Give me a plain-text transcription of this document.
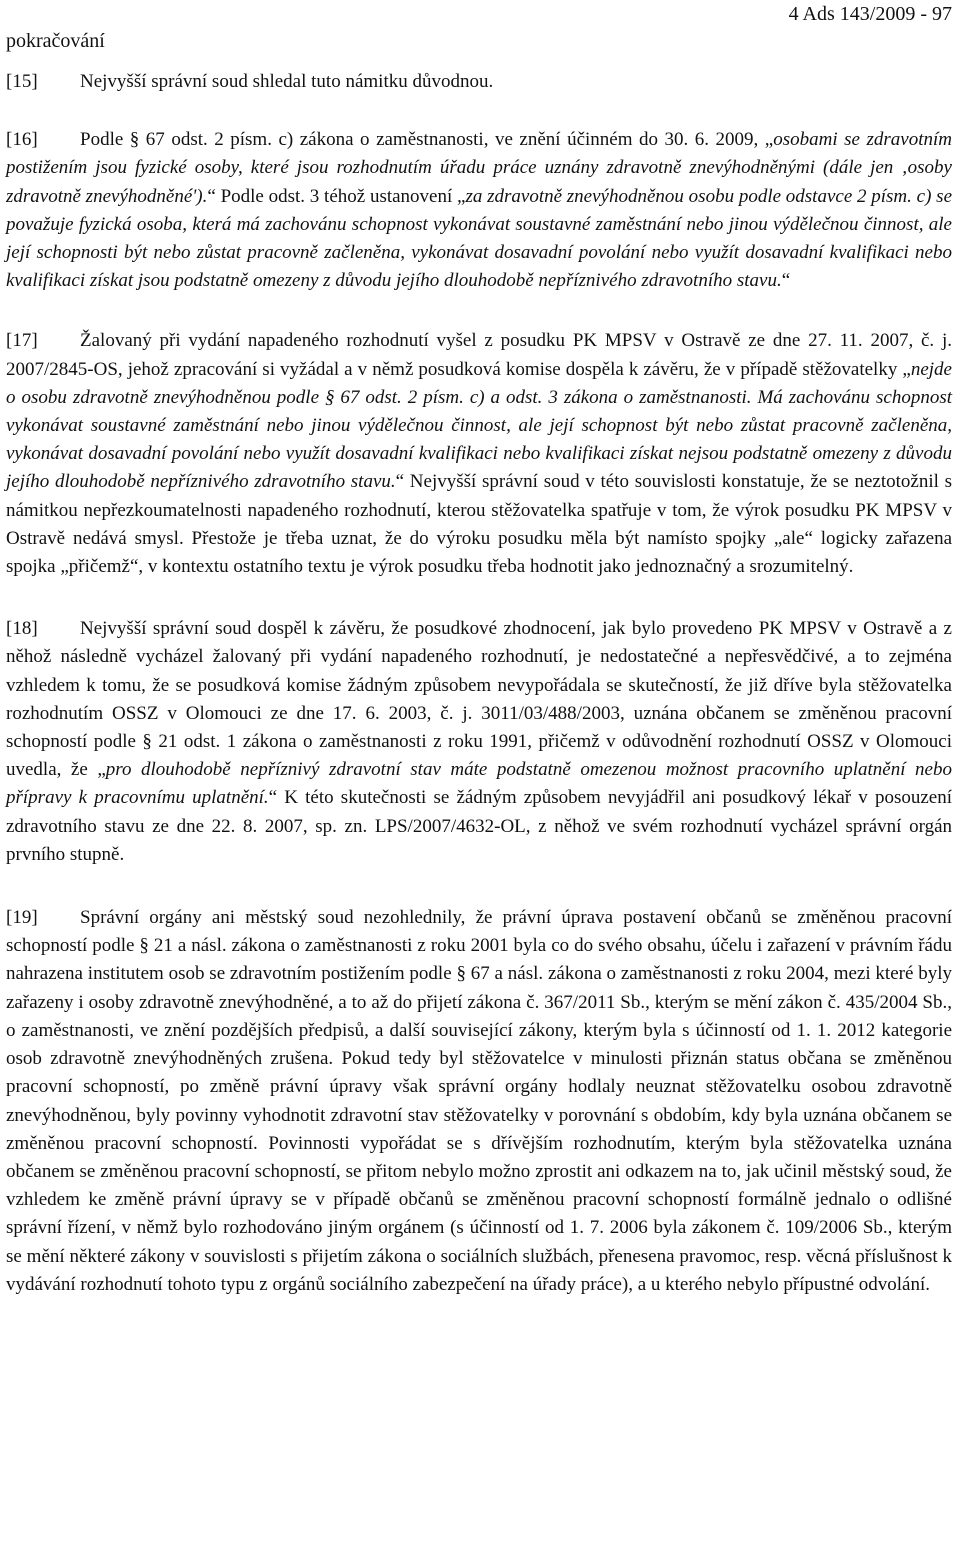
pokračování
4 Ads 143/2009 - 97

[15] Nejvyšší správní soud shledal tuto námitku důvodnou.

[16] Podle § 67 odst. 2 písm. c) zákona o zaměstnanosti, ve znění účinném do 30. 6. 2009, „osobami se zdravotním postižením jsou fyzické osoby, které jsou rozhodnutím úřadu práce uznány zdravotně znevýhodněnými (dále jen ‚osoby zdravotně znevýhodněné').“ Podle odst. 3 téhož ustanovení „za zdravotně znevýhodněnou osobu podle odstavce 2 písm. c) se považuje fyzická osoba, která má zachovánu schopnost vykonávat soustavné zaměstnání nebo jinou výdělečnou činnost, ale její schopnosti být nebo zůstat pracovně začleněna, vykonávat dosavadní povolání nebo využít dosavadní kvalifikaci nebo kvalifikaci získat jsou podstatně omezeny z důvodu jejího dlouhodobě nepříznivého zdravotního stavu.“

[17] Žalovaný při vydání napadeného rozhodnutí vyšel z posudku PK MPSV v Ostravě ze dne 27. 11. 2007, č. j. 2007/2845-OS, jehož zpracování si vyžádal a v němž posudková komise dospěla k závěru, že v případě stěžovatelky „nejde o osobu zdravotně znevýhodněnou podle § 67 odst. 2 písm. c) a odst. 3 zákona o zaměstnanosti. Má zachovánu schopnost vykonávat soustavné zaměstnání nebo jinou výdělečnou činnost, ale její schopnost být nebo zůstat pracovně začleněna, vykonávat dosavadní povolání nebo využít dosavadní kvalifikaci nebo kvalifikaci získat nejsou podstatně omezeny z důvodu jejího dlouhodobě nepříznivého zdravotního stavu.“ Nejvyšší správní soud v této souvislosti konstatuje, že se neztotožnil s námitkou nepřezkoumatelnosti napadeného rozhodnutí, kterou stěžovatelka spatřuje v tom, že výrok posudku PK MPSV v Ostravě nedává smysl. Přestože je třeba uznat, že do výroku posudku měla být namísto spojky „ale“ logicky zařazena spojka „přičemž“, v kontextu ostatního textu je výrok posudku třeba hodnotit jako jednoznačný a srozumitelný.

[18] Nejvyšší správní soud dospěl k závěru, že posudkové zhodnocení, jak bylo provedeno PK MPSV v Ostravě a z něhož následně vycházel žalovaný při vydání napadeného rozhodnutí, je nedostatečné a nepřesvědčivé, a to zejména vzhledem k tomu, že se posudková komise žádným způsobem nevypořádala se skutečností, že již dříve byla stěžovatelka rozhodnutím OSSZ v Olomouci ze dne 17. 6. 2003, č. j. 3011/03/488/2003, uznána občanem se změněnou pracovní schopností podle § 21 odst. 1 zákona o zaměstnanosti z roku 1991, přičemž v odůvodnění rozhodnutí OSSZ v Olomouci uvedla, že „pro dlouhodobě nepříznivý zdravotní stav máte podstatně omezenou možnost pracovního uplatnění nebo přípravy k pracovnímu uplatnění.“ K této skutečnosti se žádným způsobem nevyjádřil ani posudkový lékař v posouzení zdravotního stavu ze dne 22. 8. 2007, sp. zn. LPS/2007/4632-OL, z něhož ve svém rozhodnutí vycházel správní orgán prvního stupně.

[19] Správní orgány ani městský soud nezohlednily, že právní úprava postavení občanů se změněnou pracovní schopností podle § 21 a násl. zákona o zaměstnanosti z roku 2001 byla co do svého obsahu, účelu i zařazení v právním řádu nahrazena institutem osob se zdravotním postižením podle § 67 a násl. zákona o zaměstnanosti z roku 2004, mezi které byly zařazeny i osoby zdravotně znevýhodněné, a to až do přijetí zákona č. 367/2011 Sb., kterým se mění zákon č. 435/2004 Sb., o zaměstnanosti, ve znění pozdějších předpisů, a další související zákony, kterým byla s účinností od 1. 1. 2012 kategorie osob zdravotně znevýhodněných zrušena. Pokud tedy byl stěžovatelce v minulosti přiznán status občana se změněnou pracovní schopností, po změně právní úpravy však správní orgány hodlaly neuznat stěžovatelku osobou zdravotně znevýhodněnou, byly povinny vyhodnotit zdravotní stav stěžovatelky v porovnání s obdobím, kdy byla uznána občanem se změněnou pracovní schopností. Povinnosti vypořádat se s dřívějším rozhodnutím, kterým byla stěžovatelka uznána občanem se změněnou pracovní schopností, se přitom nebylo možno zprostit ani odkazem na to, jak učinil městský soud, že vzhledem ke změně právní úpravy se v případě občanů se změněnou pracovní schopností formálně jednalo o odlišné správní řízení, v němž bylo rozhodováno jiným orgánem (s účinností od 1. 7. 2006 byla zákonem č. 109/2006 Sb., kterým se mění některé zákony v souvislosti s přijetím zákona o sociálních službách, přenesena pravomoc, resp. věcná příslušnost k vydávání rozhodnutí tohoto typu z orgánů sociálního zabezpečení na úřady práce), a u kterého nebylo přípustné odvolání.
